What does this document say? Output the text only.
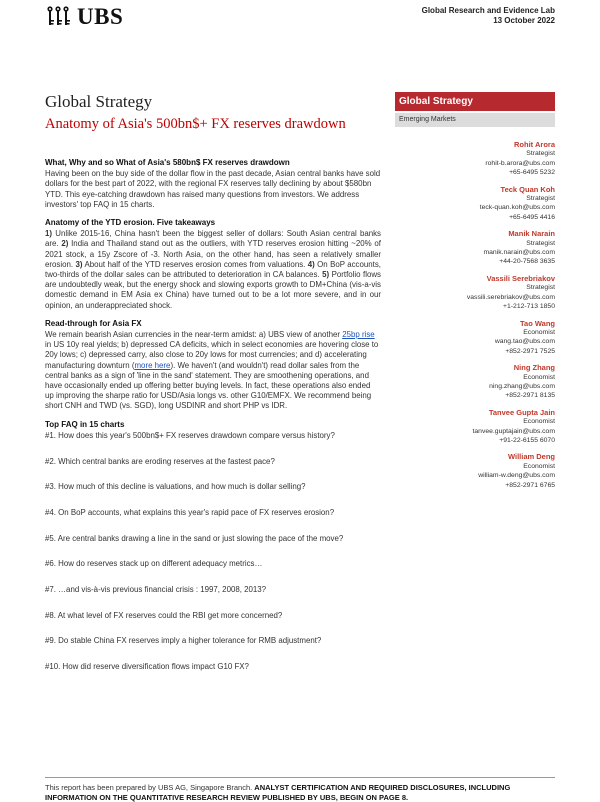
UBS	Global Research and Evidence Lab
13 October 2022
Global Strategy
Anatomy of Asia's 500bn$+ FX reserves drawdown
What, Why and so What of Asia's 580bn$ FX reserves drawdown

Having been on the buy side of the dollar flow in the past decade, Asian central banks have sold dollars for the best part of 2022, with the regional FX reserves tally declining by about $580bn YTD. This eye-catching drawdown has raised many questions from investors. We address investors' top FAQ in 15 charts.

Anatomy of the YTD erosion. Five takeaways

1) Unlike 2015-16, China hasn't been the biggest seller of dollars: South Asian central banks are. 2) India and Thailand stand out as the outliers, with YTD reserves erosion hitting ~20% of 2021 stock, a 15y Zscore of -3. North Asia, on the other hand, has seen a relatively smaller erosion. 3) About half of the YTD reserves erosion comes from valuations. 4) On BoP accounts, two-thirds of the dollar sales can be attributed to deterioration in CA balances. 5) Portfolio flows are undoubtedly weak, but the energy shock and slowing exports growth to DM+China (vis-a-vis domestic demand in EM Asia ex China) have turned out to be a lot more severe, and in our opinion, an underappreciated shock.

Read-through for Asia FX

We remain bearish Asian currencies in the near-term amidst: a) UBS view of another 25bp rise in US 10y real yields; b) depressed CA deficits, which in select economies are hovering close to 20y lows; c) depressed carry, also close to 20y lows for most currencies; and d) accelerating manufacturing downturn (more here). We haven't (and wouldn't) read dollar sales from the central banks as a sign of 'line in the sand' statement. They are smoothening operations, and have occasionally ended up offering better buying levels. In fact, these operations also ended up improving the sharpe ratio for USD/Asia longs vs. other G10/EMFX. We recommend being short CNH and TWD (vs. SGD), long USDINR and short PHP vs IDR.

Top FAQ in 15 charts
#1. How does this year's 500bn$+ FX reserves drawdown compare versus history?
#2. Which central banks are eroding reserves at the fastest pace?
#3. How much of this decline is valuations, and how much is dollar selling?
#4. On BoP accounts, what explains this year's rapid pace of FX reserves erosion?
#5. Are central banks drawing a line in the sand or just slowing the pace of the move?
#6. How do reserves stack up on different adequacy metrics…
#7. …and vis-à-vis previous financial crisis : 1997, 2008, 2013?
#8. At what level of FX reserves could the RBI get more concerned?
#9. Do stable China FX reserves imply a higher tolerance for RMB adjustment?
#10. How did reserve diversification flows impact G10 FX?
Global Strategy
Emerging Markets
Rohit Arora
Strategist
rohit-b.arora@ubs.com
+65-6495 5232
Teck Quan Koh
Strategist
teck-quan.koh@ubs.com
+65-6495 4416
Manik Narain
Strategist
manik.narain@ubs.com
+44-20-7568 3635
Vassili Serebriakov
Strategist
vassili.serebriakov@ubs.com
+1-212-713 1850
Tao Wang
Economist
wang.tao@ubs.com
+852-2971 7525
Ning Zhang
Economist
ning.zhang@ubs.com
+852-2971 8135
Tanvee Gupta Jain
Economist
tanvee.guptajain@ubs.com
+91-22-6155 6070
William Deng
Economist
william-w.deng@ubs.com
+852-2971 6765
This report has been prepared by UBS AG, Singapore Branch. ANALYST CERTIFICATION AND REQUIRED DISCLOSURES, INCLUDING INFORMATION ON THE QUANTITATIVE RESEARCH REVIEW PUBLISHED BY UBS, BEGIN ON PAGE 8.
